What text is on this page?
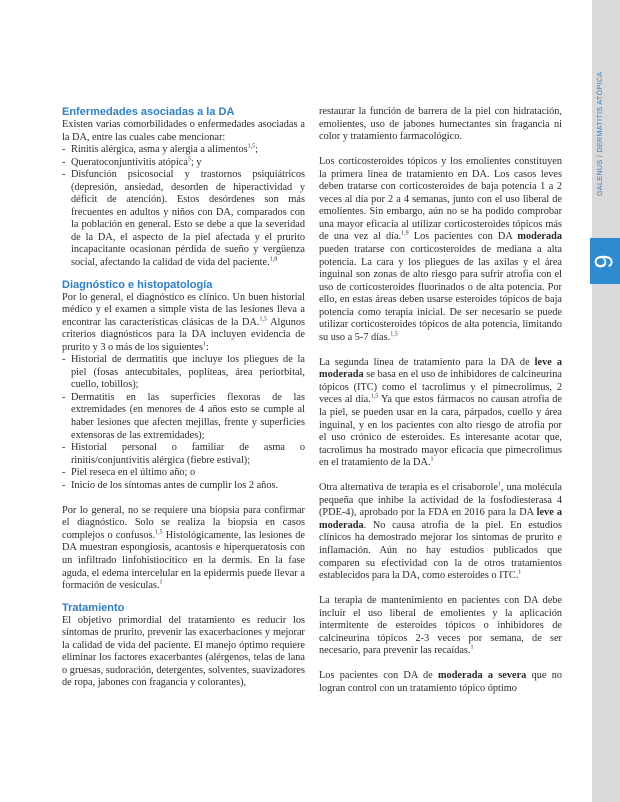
GALENUS / DERMATITIS ATÓPICA
9
Enfermedades asociadas a la DA

Existen varias comorbilidades o enfermedades asociadas a la DA, entre las cuales cabe mencionar:

- Rinitis alérgica, asma y alergia a alimentos$^{1,5}$;
- Queratoconjuntivitis atópica$^5$; y
- Disfunción psicosocial y trastornos psiquiátricos (depresión, ansiedad, desorden de hiperactividad y déficit de atención). Estos desórdenes son más frecuentes en adultos y niños con DA, comparados con la población en general. Esto se debe a que la severidad de la DA, el aspecto de la piel afectada y el prurito incapacitante ocasionan pérdida de sueño y vergüenza social, afectando la calidad de vida del paciente.$^{1,8}$
Diagnóstico e histopatología

Por lo general, el diagnóstico es clínico. Un buen historial médico y el examen a simple vista de las lesiones lleva a encontrar las características clásicas de la DA.$^{1,5}$ Algunos criterios diagnósticos para la DA incluyen evidencia de prurito y 3 o más de los siguientes$^1$:

- Historial de dermatitis que incluye los pliegues de la piel (fosas antecubitales, poplíteas, área periorbital, cuello, tobillos);
- Dermatitis en las superficies flexoras de las extremidades (en menores de 4 años esto se cumple al haber lesiones que afecten mejillas, frente y superficies extensoras de las extremidades);
- Historial personal o familiar de asma o rinitis/conjuntivitis alérgica (fiebre estival);
- Piel reseca en el último año; o
- Inicio de los síntomas antes de cumplir los 2 años.

Por lo general, no se requiere una biopsia para confirmar el diagnóstico. Solo se realiza la biopsia en casos complejos o confusos.$^{1,5}$ Histológicamente, las lesiones de DA muestran espongiosis, acantosis e hiperqueratosis con un infiltrado linfohistiocítico en la dermis. En la fase aguda, el edema intercelular en la epidermis puede llevar a formación de vesículas.$^1$

Tratamiento

El objetivo primordial del tratamiento es reducir los síntomas de prurito, prevenir las exacerbaciones y mejorar la calidad de vida del paciente. El manejo óptimo requiere eliminar los factores exacerbantes (alérgenos, telas de lana o gruesas, sudoración, detergentes, solventes, suavizadores de ropa, jabones con fragancia y colorantes),

restaurar la función de barrera de la piel con hidratación, emolientes, uso de jabones humectantes sin fragancia ni color y tratamiento farmacológico.

Los corticosteroides tópicos y los emolientes constituyen la primera línea de tratamiento en DA. Los casos leves deben tratarse con corticosteroides de baja potencia 1 a 2 veces al día por 2 a 4 semanas, junto con el uso liberal de emolientes. Sin embargo, aún no se ha podido comprobar una mayor eficacia al utilizar corticosteroides tópicos más de una vez al día.$^{1,9}$ Los pacientes con DA moderada pueden tratarse con corticosteroides de mediana a alta potencia. La cara y los pliegues de las axilas y el área inguinal son zonas de alto riesgo para sufrir atrofia con el uso de corticosteroides fluorinados o de alta potencia. Por ello, en estas áreas deben usarse esteroides tópicos de baja potencia como terapia inicial. De ser necesario se puede utilizar corticosteroides tópicos de alta potencia, limitando su uso a 5-7 días.$^{1,5}$

La segunda línea de tratamiento para la DA de leve a moderada se basa en el uso de inhibidores de calcineurina tópicos (ITC) como el tacrolimus y el pimecrolimus, 2 veces al día.$^{1,5}$ Ya que estos fármacos no causan atrofia de la piel, se pueden usar en la cara, párpados, cuello y área inguinal, y en los pacientes con alto riesgo de atrofia por el uso crónico de esteroides. Es interesante acotar que, tacrolimus ha mostrado mayor eficacia que pimecrolimus en el tratamiento de la DA.$^1$

Otra alternativa de terapia es el crisaborole$^1$, una molécula pequeña que inhibe la actividad de la fosfodiesterasa 4 (PDE-4), aprobado por la FDA en 2016 para la DA leve a moderada. No causa atrofia de la piel. En estudios clínicos ha demostrado mejorar los síntomas de prurito e inflamación. Aún no hay estudios publicados que comparen su efectividad con la de otros tratamientos establecidos para la DA, como esteroides o ITC.$^1$

La terapia de mantenimiento en pacientes con DA debe incluir el uso liberal de emolientes y la aplicación intermitente de esteroides tópicos o inhibidores de calcineurina tópicos 2-3 veces por semana, de ser necesario, para prevenir las recaídas.$^1$

Los pacientes con DA de moderada a severa que no logran control con un tratamiento tópico óptimo
